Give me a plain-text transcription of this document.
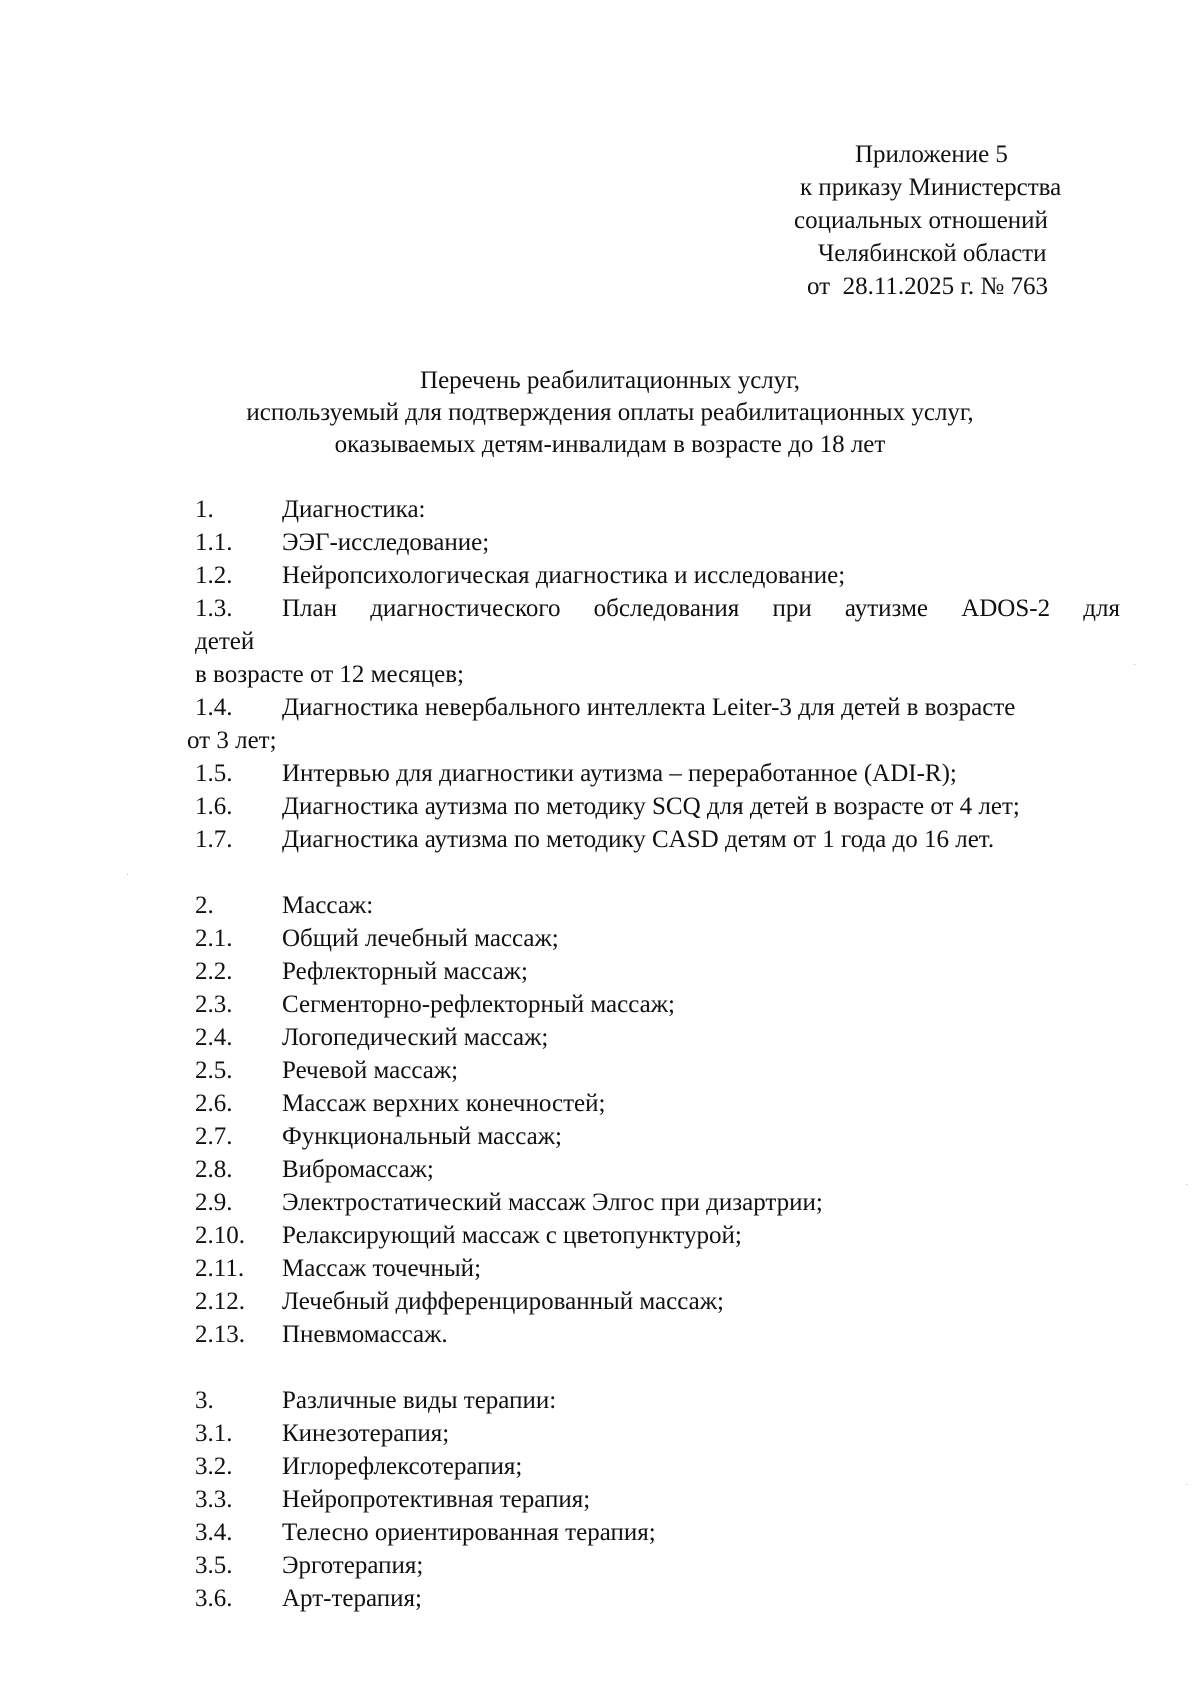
Приложение 5
к приказу Министерства
социальных отношений
Челябинской области
от  28.11.2025 г. № 763
Перечень реабилитационных услуг,
используемый для подтверждения оплаты реабилитационных услуг,
оказываемых детям-инвалидам в возрасте до 18 лет
1.	Диагностика:
1.1.	ЭЭГ-исследование;
1.2.	Нейропсихологическая диагностика и исследование;
1.3.	План диагностического обследования при аутизме ADOS-2 для
детей
в возрасте от 12 месяцев;
1.4.	Диагностика невербального интеллекта Leiter-3 для детей в возрасте
от 3 лет;
1.5.	Интервью для диагностики аутизма – переработанное (ADI-R);
1.6.	Диагностика аутизма по методику SCQ для детей в возрасте от 4 лет;
1.7.	Диагностика аутизма по методику CASD детям от 1 года до 16 лет.
2.	Массаж:
2.1.	Общий лечебный массаж;
2.2.	Рефлекторный массаж;
2.3.	Сегменторно-рефлекторный массаж;
2.4.	Логопедический массаж;
2.5.	Речевой массаж;
2.6.	Массаж верхних конечностей;
2.7.	Функциональный массаж;
2.8.	Вибромассаж;
2.9.	Электростатический массаж Элгос при дизартрии;
2.10.	Релаксирующий массаж с цветопунктурой;
2.11.	Массаж точечный;
2.12.	Лечебный дифференцированный массаж;
2.13.	Пневмомассаж.
3.	Различные виды терапии:
3.1.	Кинезотерапия;
3.2.	Иглорефлексотерапия;
3.3.	Нейропротективная терапия;
3.4.	Телесно ориентированная терапия;
3.5.	Эрготерапия;
3.6.	Арт-терапия;
·
·
·
·
